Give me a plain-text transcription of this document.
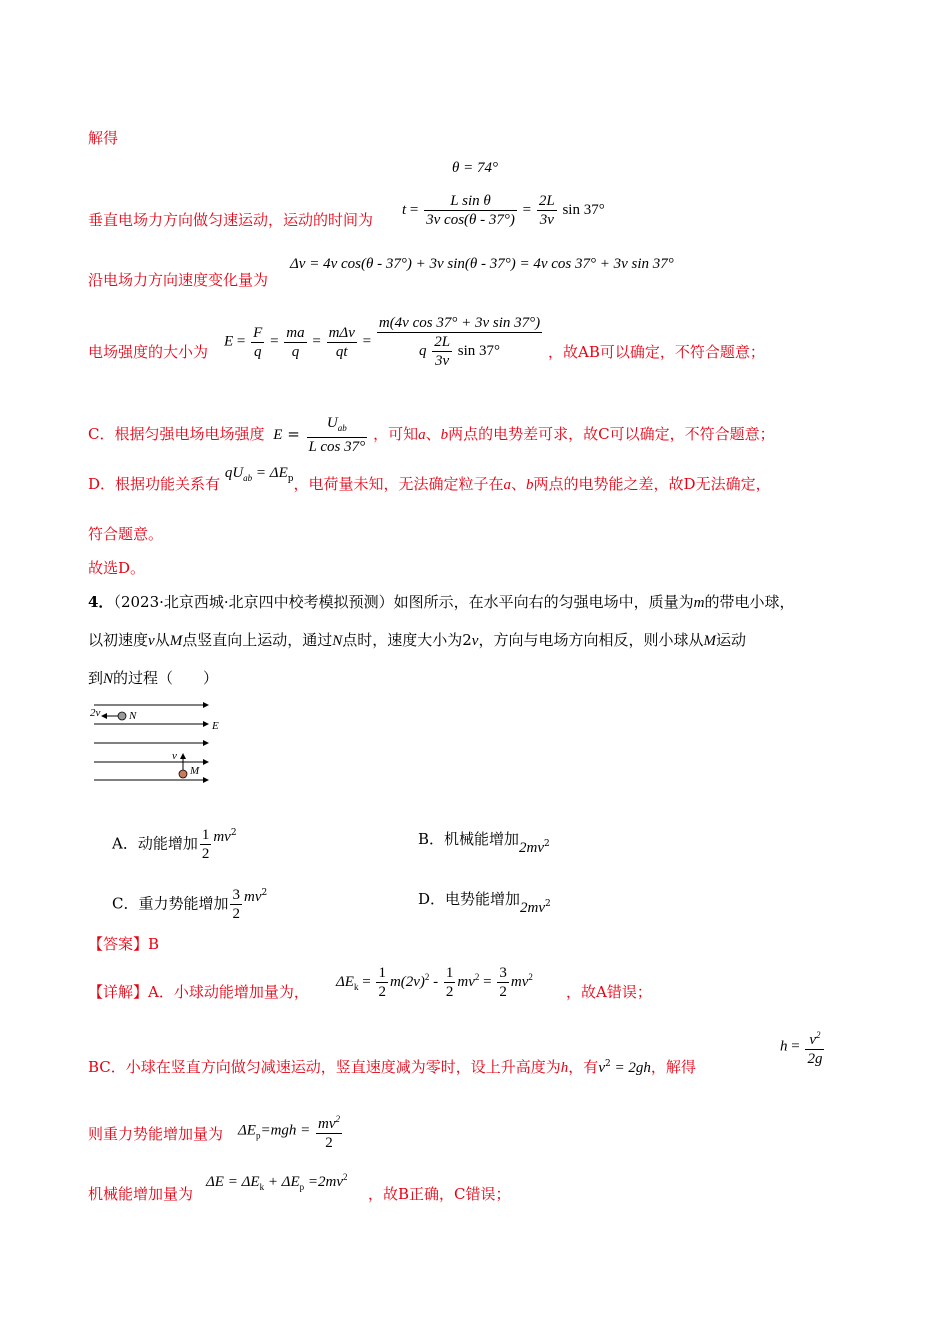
解得
θ = 74°
垂直电场力方向做匀速运动，运动的时间为
$t = \frac{\text{L sin θ}}{\text{3v cos(θ - 37°)}} = \frac{2L}{3v}$ sin 37°
沿电场力方向速度变化量为
Δv = 4v cos(θ - 37°) + 3v sin(θ - 37°) = 4v cos 37° + 3v sin 37°
电场强度的大小为
$E = \frac{F}{q} = \frac{ma}{q} = \frac{\text{mΔv}}{qt} = \frac{\text{m(4v cos 37° + 3v sin 37°)}}{q \frac{2L}{3v} \sin 37^\circ}$ ，故AB可以确定，不符合题意；
C．根据匀强电场电场强度 $E = \frac{U_{ab}}{\text{L cos 37°}}$ ，可知a、b两点的电势差可求，故C可以确定，不符合题意；
D．根据功能关系有 $qU_{ab} = \Delta E_p$，电荷量未知，无法确定粒子在a、b两点的电势能之差，故D无法确定，
符合题意。
故选D。
4．（2023·北京西城·北京四中校考模拟预测）如图所示，在水平向右的匀强电场中，质量为m的带电小球，
以初速度v从M点竖直向上运动，通过N点时，速度大小为2v，方向与电场方向相反，则小球从M运动
到N的过程（　　）
2v	N
E
v
M
A．动能增加 $\frac{1}{2} mv^2$	B．机械能增加$2mv^2$
C．重力势能增加 $\frac{3}{2} mv^2$	D．电势能增加$2mv^2$
【答案】B
【详解】A．小球动能增加量为，
$\Delta E_k = \frac{1}{2} m(2v)^2 - \frac{1}{2} mv^2 = \frac{3}{2} mv^2$
，故A错误；
BC．小球在竖直方向做匀减速运动，竖直速度减为零时，设上升高度为h，有$v^2 = 2gh$，解得
$h = \frac{v^2}{2g}$
则重力势能增加量为 $\Delta E_p=mgh = \frac{mv^2}{2}$
机械能增加量为
$\Delta E = \Delta E_k + \Delta E_p =2mv^2$
，故B正确，C错误；
